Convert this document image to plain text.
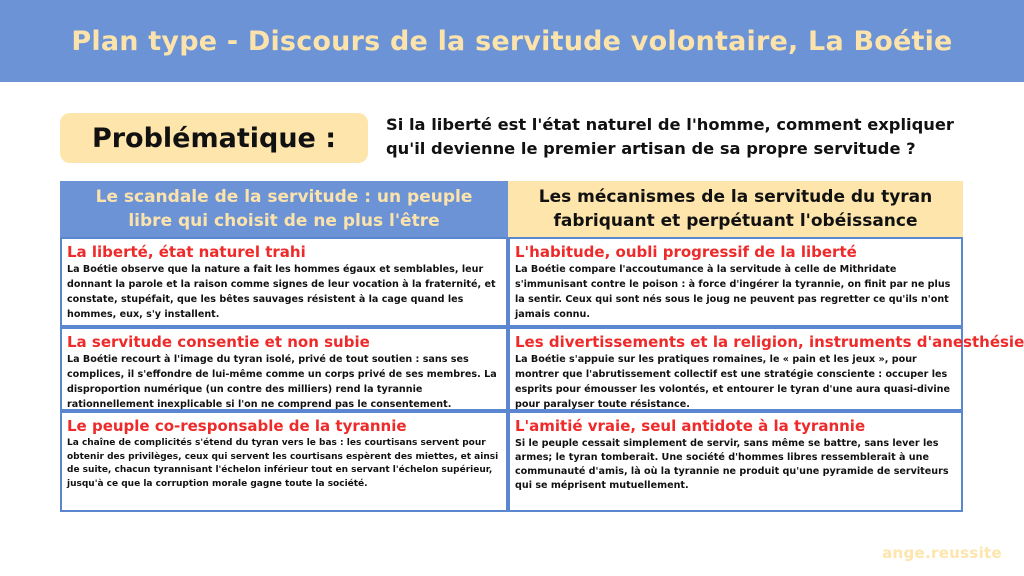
Plan type - Discours de la servitude volontaire, La Boétie
Problématique :	Si la liberté est l'état naturel de l'homme, comment expliquer qu'il devienne le premier artisan de sa propre servitude ?
Le scandale de la servitude : un peuple libre qui choisit de ne plus l'être
Les mécanismes de la servitude du tyran fabriquant et perpétuant l'obéissance
La liberté, état naturel trahi
La Boétie observe que la nature a fait les hommes égaux et semblables, leur donnant la parole et la raison comme signes de leur vocation à la fraternité, et constate, stupéfait, que les bêtes sauvages résistent à la cage quand les hommes, eux, s'y installent.
La servitude consentie et non subie
La Boétie recourt à l'image du tyran isolé, privé de tout soutien : sans ses complices, il s'effondre de lui-même comme un corps privé de ses membres. La disproportion numérique (un contre des milliers) rend la tyrannie rationnellement inexplicable si l'on ne comprend pas le consentement.
Le peuple co-responsable de la tyrannie
La chaîne de complicités s'étend du tyran vers le bas : les courtisans servent pour obtenir des privilèges, ceux qui servent les courtisans espèrent des miettes, et ainsi de suite, chacun tyrannisant l'échelon inférieur tout en servant l'échelon supérieur, jusqu'à ce que la corruption morale gagne toute la société.
L'habitude, oubli progressif de la liberté
La Boétie compare l'accoutumance à la servitude à celle de Mithridate s'immunisant contre le poison : à force d'ingérer la tyrannie, on finit par ne plus la sentir. Ceux qui sont nés sous le joug ne peuvent pas regretter ce qu'ils n'ont jamais connu.
Les divertissements et la religion, instruments d'anesthésie
La Boétie s'appuie sur les pratiques romaines, le « pain et les jeux », pour montrer que l'abrutissement collectif est une stratégie consciente : occuper les esprits pour émousser les volontés, et entourer le tyran d'une aura quasi-divine pour paralyser toute résistance.
L'amitié vraie, seul antidote à la tyrannie
Si le peuple cessait simplement de servir, sans même se battre, sans lever les armes; le tyran tomberait. Une société d'hommes libres ressemblerait à une communauté d'amis, là où la tyrannie ne produit qu'une pyramide de serviteurs qui se méprisent mutuellement.
ange.reussite
